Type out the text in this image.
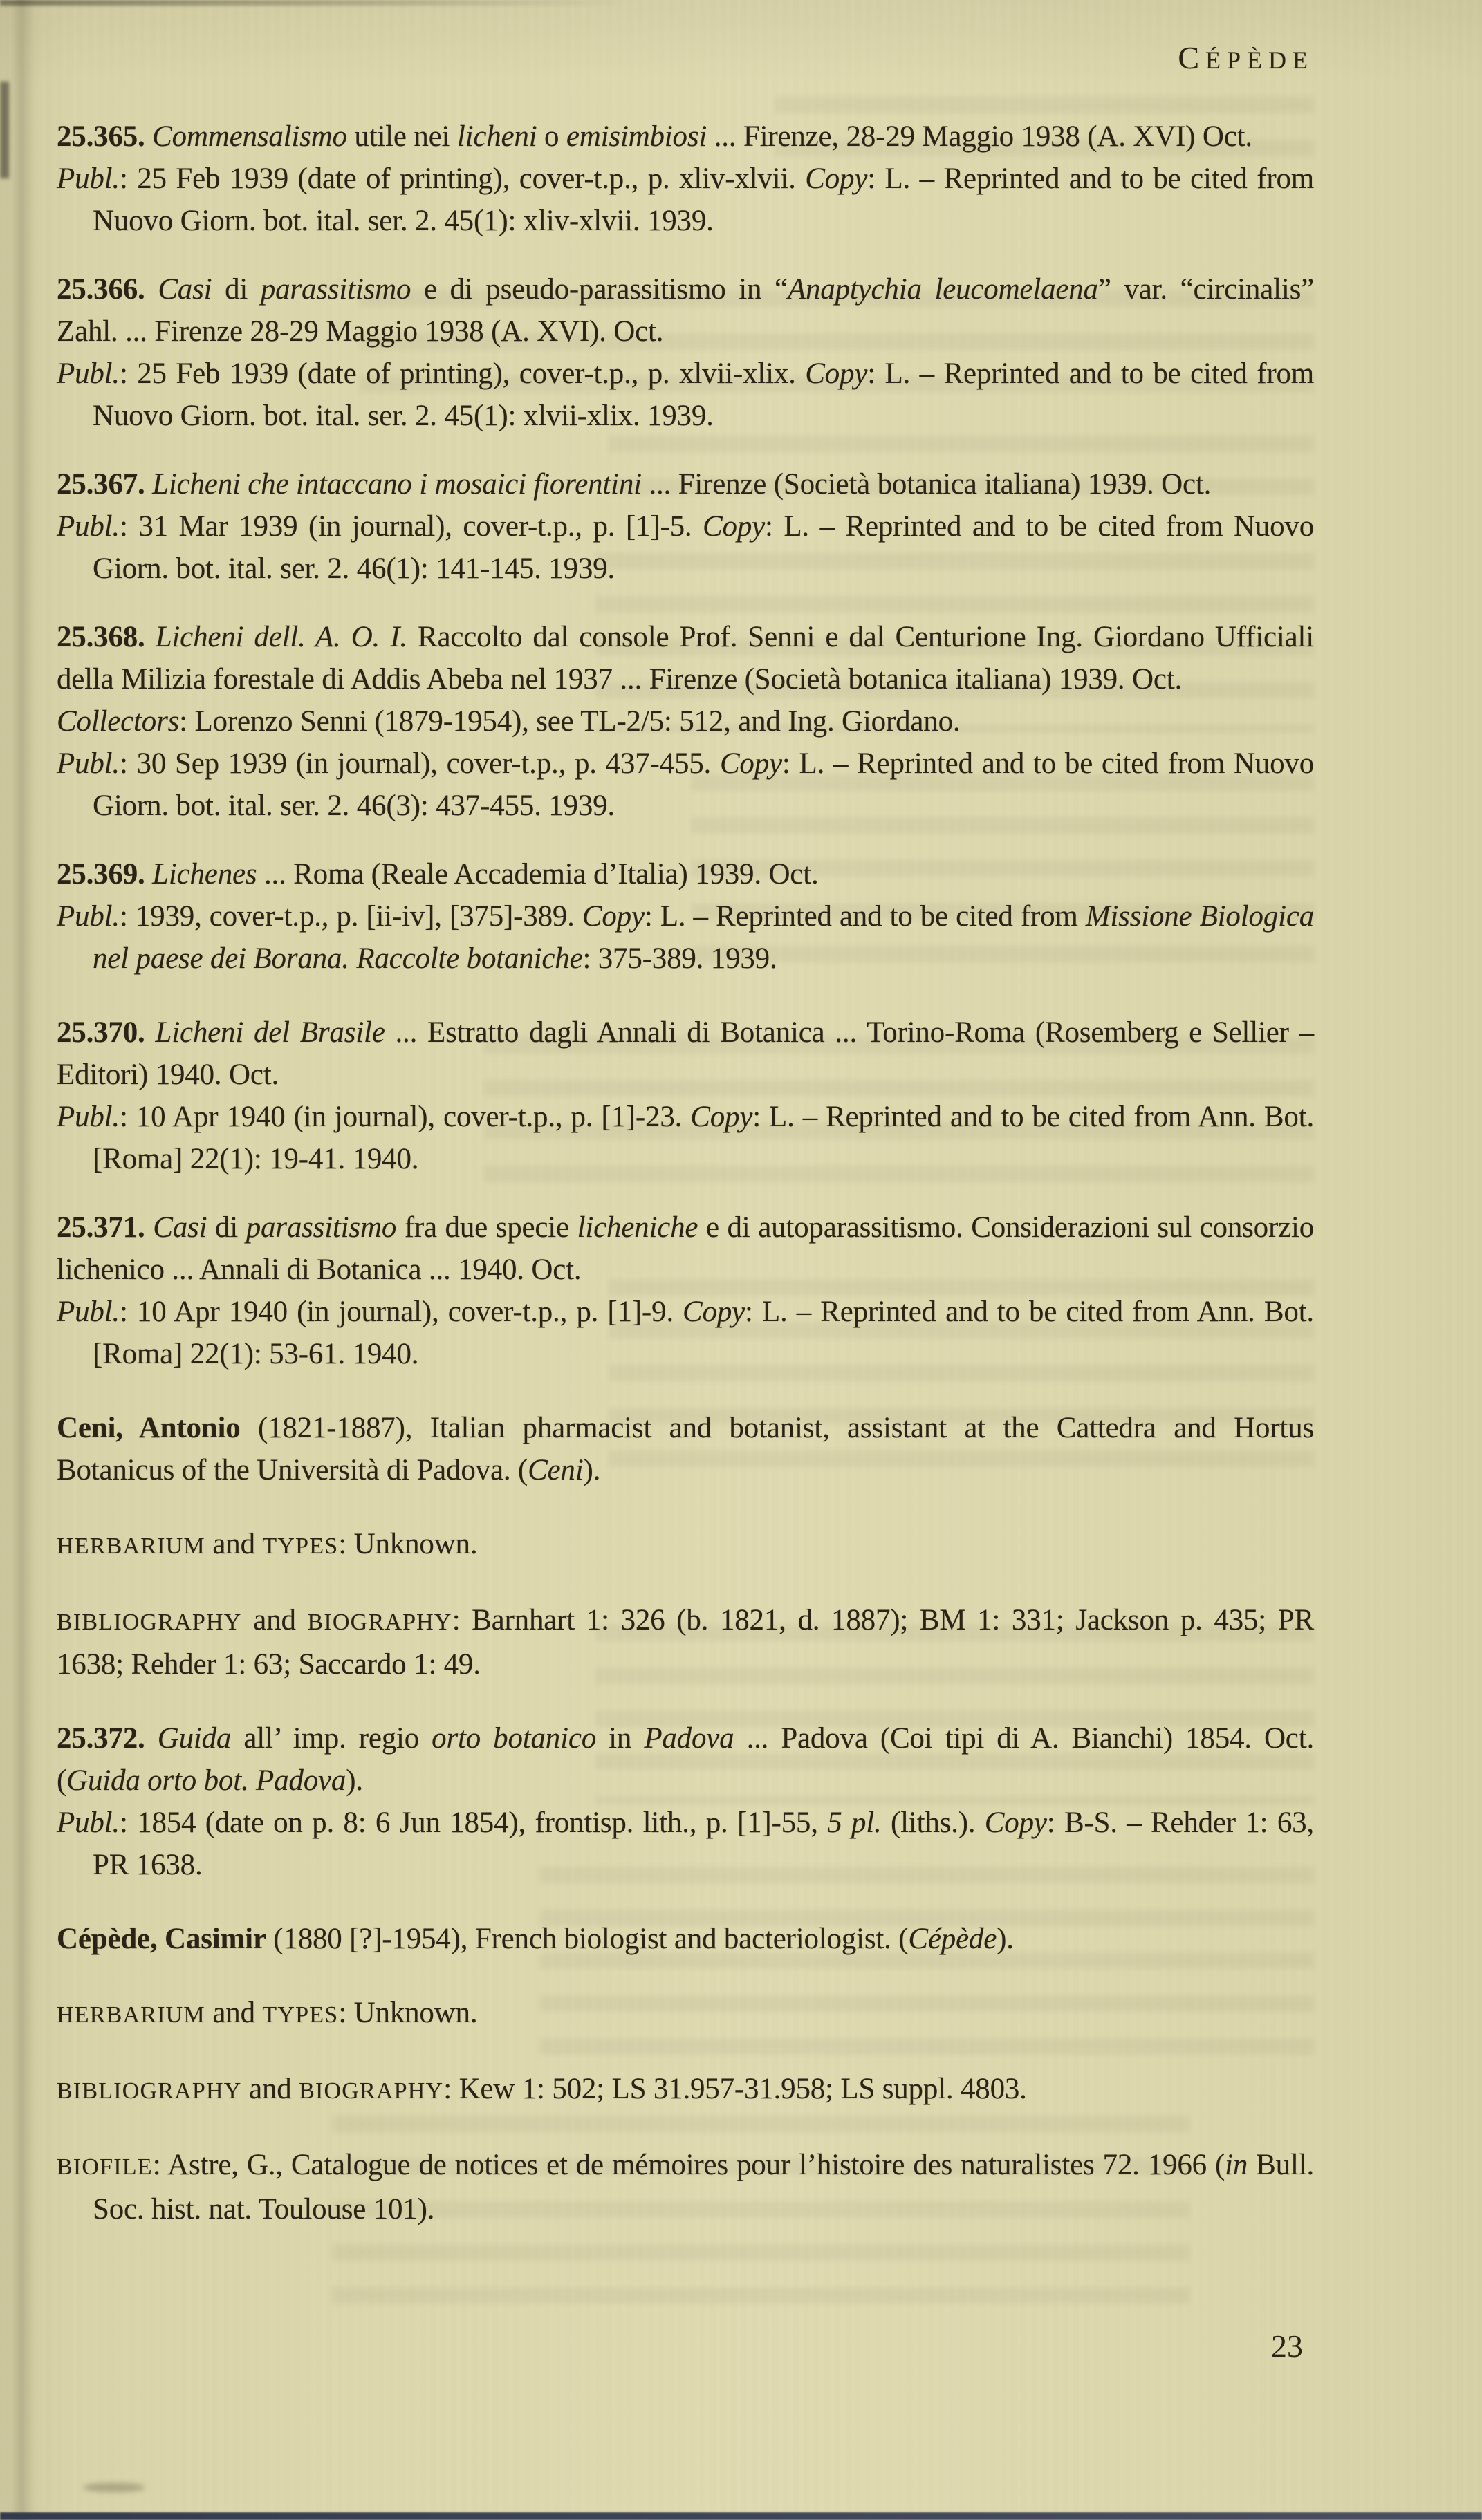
CÉPÈDE

25.365. Commensalismo utile nei licheni o emisimbiosi ... Firenze, 28-29 Maggio 1938 (A. XVI) Oct.

Publ.: 25 Feb 1939 (date of printing), cover-t.p., p. xliv-xlvii. Copy: L. – Reprinted and to be cited from Nuovo Giorn. bot. ital. ser. 2. 45(1): xliv-xlvii. 1939.

25.366. Casi di parassitismo e di pseudo-parassitismo in “Anaptychia leucomelaena” var. “circinalis” Zahl. ... Firenze 28-29 Maggio 1938 (A. XVI). Oct.

Publ.: 25 Feb 1939 (date of printing), cover-t.p., p. xlvii-xlix. Copy: L. – Reprinted and to be cited from Nuovo Giorn. bot. ital. ser. 2. 45(1): xlvii-xlix. 1939.

25.367. Licheni che intaccano i mosaici fiorentini ... Firenze (Società botanica italiana) 1939. Oct.

Publ.: 31 Mar 1939 (in journal), cover-t.p., p. [1]-5. Copy: L. – Reprinted and to be cited from Nuovo Giorn. bot. ital. ser. 2. 46(1): 141-145. 1939.

25.368. Licheni dell. A. O. I. Raccolto dal console Prof. Senni e dal Centurione Ing. Giordano Ufficiali della Milizia forestale di Addis Abeba nel 1937 ... Firenze (Società botanica italiana) 1939. Oct.

Collectors: Lorenzo Senni (1879-1954), see TL-2/5: 512, and Ing. Giordano.

Publ.: 30 Sep 1939 (in journal), cover-t.p., p. 437-455. Copy: L. – Reprinted and to be cited from Nuovo Giorn. bot. ital. ser. 2. 46(3): 437-455. 1939.

25.369. Lichenes ... Roma (Reale Accademia d’Italia) 1939. Oct.

Publ.: 1939, cover-t.p., p. [ii-iv], [375]-389. Copy: L. – Reprinted and to be cited from Missione Biologica nel paese dei Borana. Raccolte botaniche: 375-389. 1939.

25.370. Licheni del Brasile ... Estratto dagli Annali di Botanica ... Torino-Roma (Rosemberg e Sellier – Editori) 1940. Oct.

Publ.: 10 Apr 1940 (in journal), cover-t.p., p. [1]-23. Copy: L. – Reprinted and to be cited from Ann. Bot. [Roma] 22(1): 19-41. 1940.

25.371. Casi di parassitismo fra due specie licheniche e di autoparassitismo. Considerazioni sul consorzio lichenico ... Annali di Botanica ... 1940. Oct.

Publ.: 10 Apr 1940 (in journal), cover-t.p., p. [1]-9. Copy: L. – Reprinted and to be cited from Ann. Bot. [Roma] 22(1): 53-61. 1940.

Ceni, Antonio (1821-1887), Italian pharmacist and botanist, assistant at the Cattedra and Hortus Botanicus of the Università di Padova. (Ceni).

HERBARIUM and TYPES: Unknown.

BIBLIOGRAPHY and BIOGRAPHY: Barnhart 1: 326 (b. 1821, d. 1887); BM 1: 331; Jackson p. 435; PR 1638; Rehder 1: 63; Saccardo 1: 49.

25.372. Guida all’ imp. regio orto botanico in Padova ... Padova (Coi tipi di A. Bianchi) 1854. Oct. (Guida orto bot. Padova).

Publ.: 1854 (date on p. 8: 6 Jun 1854), frontisp. lith., p. [1]-55, 5 pl. (liths.). Copy: B-S. – Rehder 1: 63, PR 1638.

Cépède, Casimir (1880 [?]-1954), French biologist and bacteriologist. (Cépède).

HERBARIUM and TYPES: Unknown.

BIBLIOGRAPHY and BIOGRAPHY: Kew 1: 502; LS 31.957-31.958; LS suppl. 4803.

BIOFILE: Astre, G., Catalogue de notices et de mémoires pour l’histoire des naturalistes 72. 1966 (in Bull. Soc. hist. nat. Toulouse 101).

23
